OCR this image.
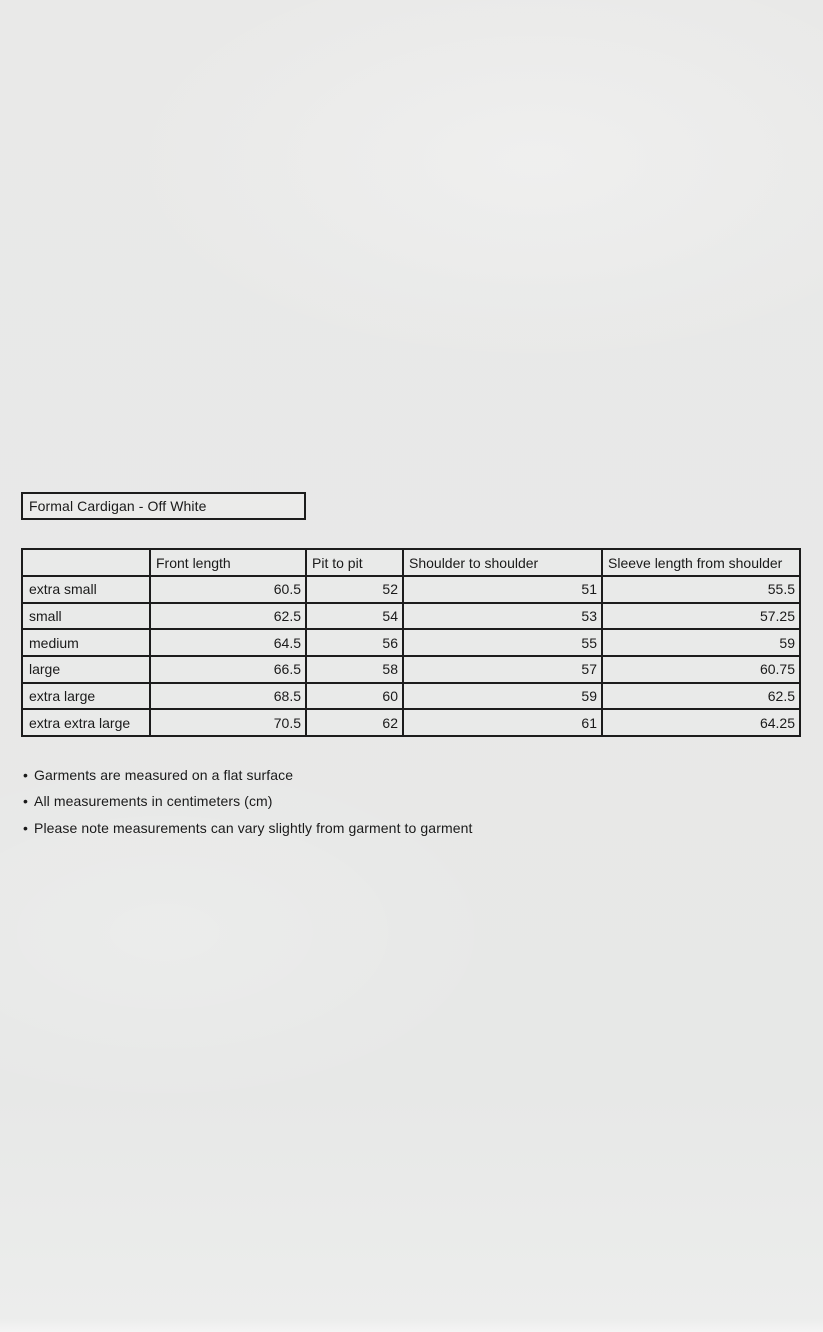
Formal Cardigan - Off White
	Front length	Pit to pit	Shoulder to shoulder	Sleeve length from shoulder
extra small	60.5	52	51	55.5
small	62.5	54	53	57.25
medium	64.5	56	55	59
large	66.5	58	57	60.75
extra large	68.5	60	59	62.5
extra extra large	70.5	62	61	64.25
• Garments are measured on a flat surface
• All measurements in centimeters (cm)
• Please note measurements can vary slightly from garment to garment
